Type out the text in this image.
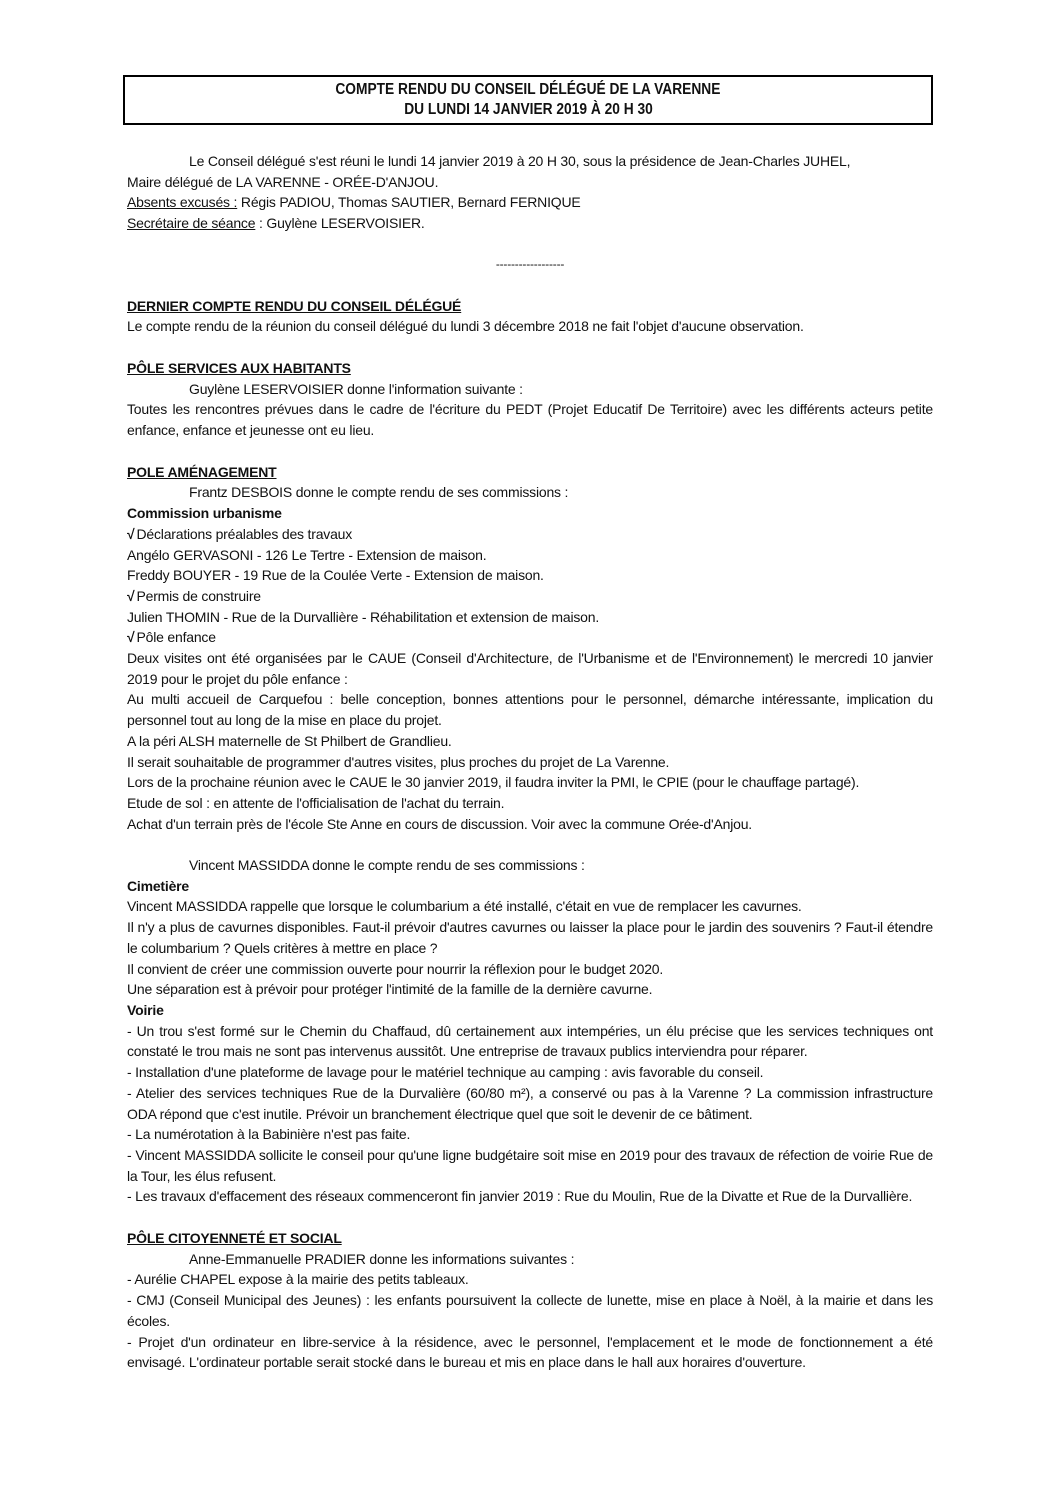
COMPTE RENDU DU CONSEIL DÉLÉGUÉ DE LA VARENNE
DU LUNDI 14 JANVIER 2019 À 20 H 30

Le Conseil délégué s'est réuni le lundi 14 janvier 2019 à 20 H 30, sous la présidence de Jean-Charles JUHEL,

Maire délégué de LA VARENNE - ORÉE-D'ANJOU.

Absents excusés : Régis PADIOU, Thomas SAUTIER, Bernard FERNIQUE

Secrétaire de séance : Guylène LESERVOISIER.

------------------

DERNIER COMPTE RENDU DU CONSEIL DÉLÉGUÉ

Le compte rendu de la réunion du conseil délégué du lundi 3 décembre 2018 ne fait l'objet d'aucune observation.

PÔLE SERVICES AUX HABITANTS

Guylène LESERVOISIER donne l'information suivante :

Toutes les rencontres prévues dans le cadre de l'écriture du PEDT (Projet Educatif De Territoire) avec les différents acteurs petite enfance, enfance et jeunesse ont eu lieu.

POLE AMÉNAGEMENT

Frantz DESBOIS donne le compte rendu de ses commissions :

Commission urbanisme

√ Déclarations préalables des travaux

Angélo GERVASONI - 126 Le Tertre - Extension de maison.

Freddy BOUYER - 19 Rue de la Coulée Verte - Extension de maison.

√ Permis de construire

Julien THOMIN - Rue de la Durvallière - Réhabilitation et extension de maison.

√ Pôle enfance

Deux visites ont été organisées par le CAUE (Conseil d'Architecture, de l'Urbanisme et de l'Environnement) le mercredi 10 janvier 2019 pour le projet du pôle enfance :

Au multi accueil de Carquefou : belle conception, bonnes attentions pour le personnel, démarche intéressante, implication du personnel tout au long de la mise en place du projet.

A la péri ALSH maternelle de St Philbert de Grandlieu.

Il serait souhaitable de programmer d'autres visites, plus proches du projet de La Varenne.

Lors de la prochaine réunion avec le CAUE le 30 janvier 2019, il faudra inviter la PMI, le CPIE (pour le chauffage partagé).

Etude de sol : en attente de l'officialisation de l'achat du terrain.

Achat d'un terrain près de l'école Ste Anne en cours de discussion. Voir avec la commune Orée-d'Anjou.

Vincent MASSIDDA donne le compte rendu de ses commissions :

Cimetière

Vincent MASSIDDA rappelle que lorsque le columbarium a été installé, c'était en vue de remplacer les cavurnes.

Il n'y a plus de cavurnes disponibles. Faut-il prévoir d'autres cavurnes ou laisser la place pour le jardin des souvenirs ? Faut-il étendre le columbarium ? Quels critères à mettre en place ?

Il convient de créer une commission ouverte pour nourrir la réflexion pour le budget 2020.

Une séparation est à prévoir pour protéger l'intimité de la famille de la dernière cavurne.

Voirie

- Un trou s'est formé sur le Chemin du Chaffaud, dû certainement aux intempéries, un élu précise que les services techniques ont constaté le trou mais ne sont pas intervenus aussitôt. Une entreprise de travaux publics interviendra pour réparer.

- Installation d'une plateforme de lavage pour le matériel technique au camping : avis favorable du conseil.

- Atelier des services techniques Rue de la Durvalière (60/80 m²), a conservé ou pas à la Varenne ? La commission infrastructure ODA répond que c'est inutile. Prévoir un branchement électrique quel que soit le devenir de ce bâtiment.

- La numérotation à la Babinière n'est pas faite.

- Vincent MASSIDDA sollicite le conseil pour qu'une ligne budgétaire soit mise en 2019 pour des travaux de réfection de voirie Rue de la Tour, les élus refusent.

- Les travaux d'effacement des réseaux commenceront fin janvier 2019 : Rue du Moulin, Rue de la Divatte et Rue de la Durvallière.

PÔLE CITOYENNETÉ ET SOCIAL

Anne-Emmanuelle PRADIER donne les informations suivantes :

- Aurélie CHAPEL expose à la mairie des petits tableaux.

- CMJ (Conseil Municipal des Jeunes) : les enfants poursuivent la collecte de lunette, mise en place à Noël, à la mairie et dans les écoles.

- Projet d'un ordinateur en libre-service à la résidence, avec le personnel, l'emplacement et le mode de fonctionnement a été envisagé. L'ordinateur portable serait stocké dans le bureau et mis en place dans le hall aux horaires d'ouverture.
